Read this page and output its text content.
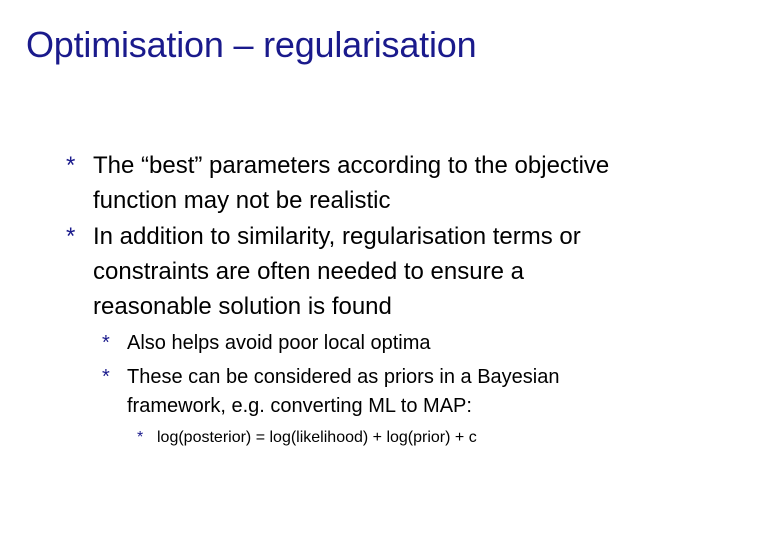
Optimisation – regularisation
* The “best” parameters according to the objective
function may not be realistic
* In addition to similarity, regularisation terms or
constraints are often needed to ensure a
reasonable solution is found
* Also helps avoid poor local optima
* These can be considered as priors in a Bayesian
framework, e.g. converting ML to MAP:
* log(posterior) = log(likelihood) + log(prior) + c
